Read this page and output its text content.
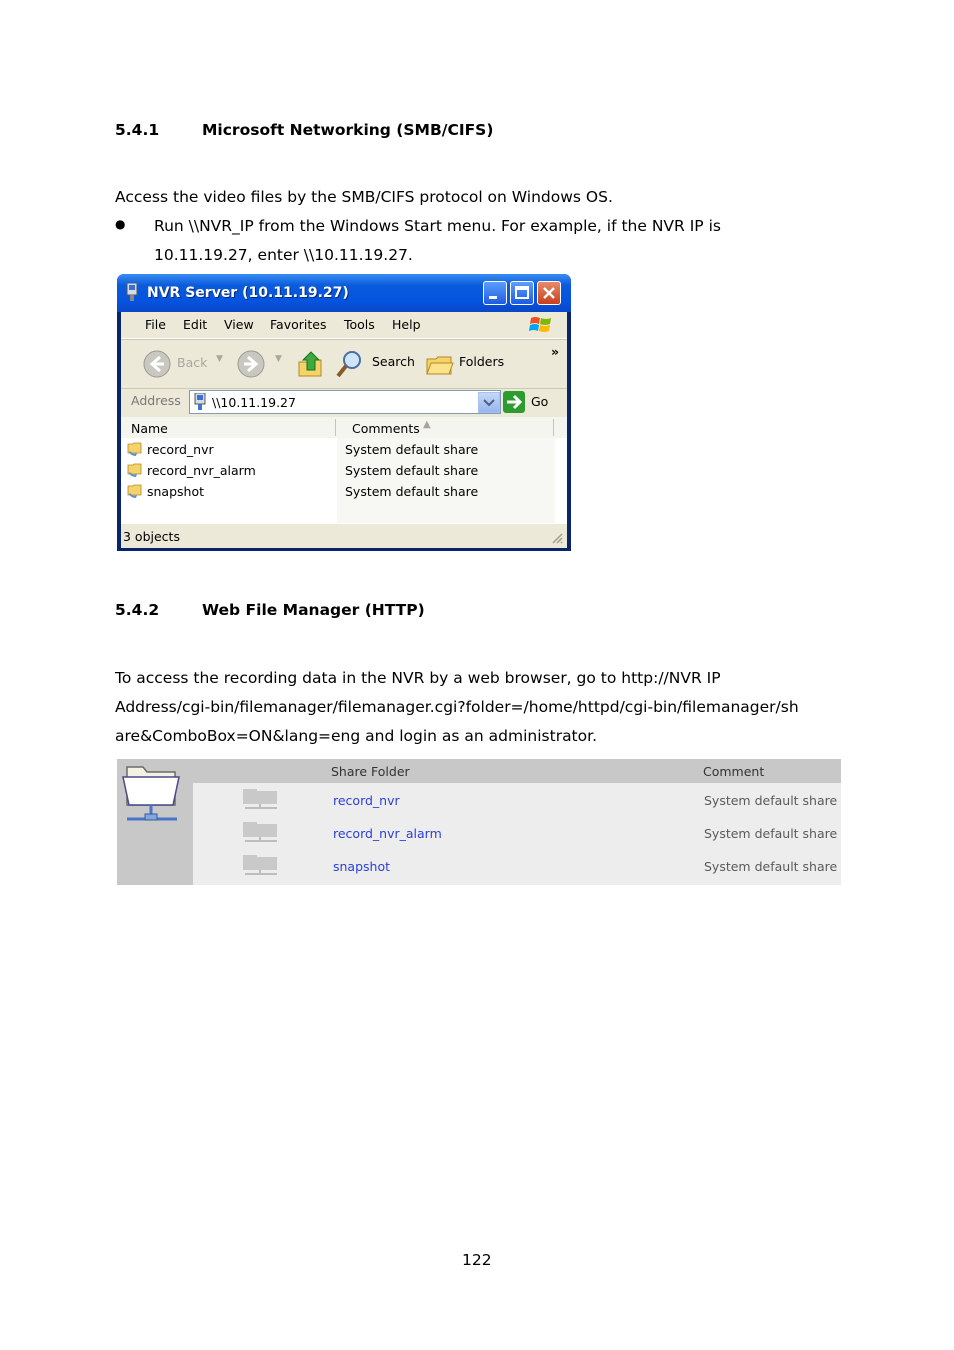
5.4.1	Microsoft Networking (SMB/CIFS)
Access the video files by the SMB/CIFS protocol on Windows OS.
● Run \\NVR_IP from the Windows Start menu. For example, if the NVR IP is
10.11.19.27, enter \\10.11.19.27.
NVR Server (10.11.19.27)
File Edit View Favorites Tools Help
Back ▼	▼	Search	Folders
»
Address \\10.11.19.27	Go
Name	Comments ▲
record_nvr	System default share
record_nvr_alarm	System default share
snapshot	System default share
3 objects
5.4.2	Web File Manager (HTTP)
To access the recording data in the NVR by a web browser, go to http://NVR IP
Address/cgi-bin/filemanager/filemanager.cgi?folder=/home/httpd/cgi-bin/filemanager/sh
are&ComboBox=ON&lang=eng and login as an administrator.
Share Folder	Comment
record_nvr	System default share
record_nvr_alarm	System default share
snapshot	System default share
122
